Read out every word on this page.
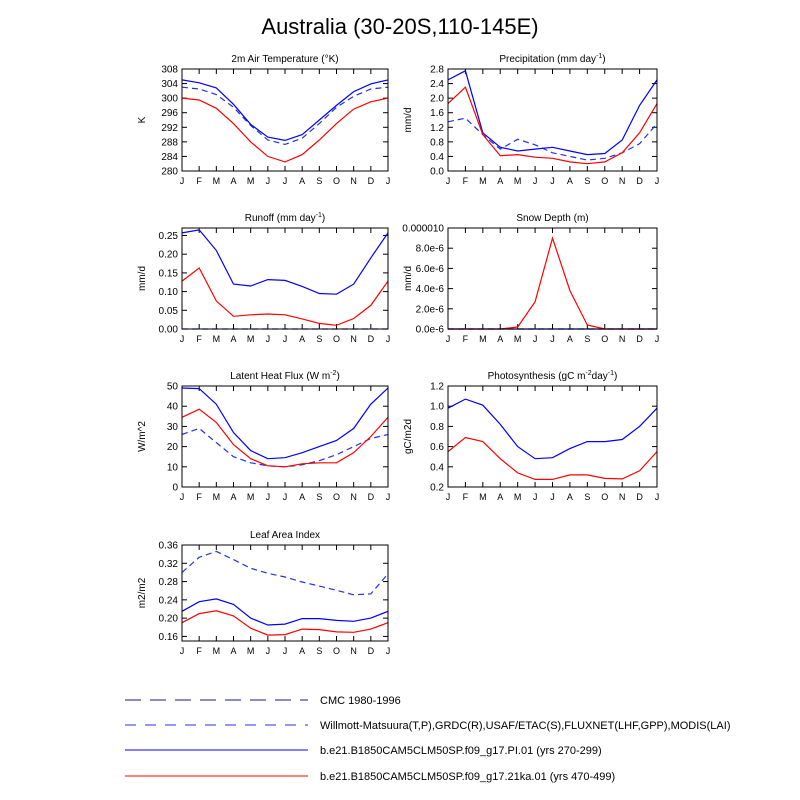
Australia (30-20S,110-145E)
2m Air Temperature (°K)
K
280
284
288
292
296
300
304
308
J F M A M J J A S O N D J
Precipitation (mm day$^{-1}$)
mm/d
0.0
0.4
0.8
1.2
1.6
2.0
2.4
2.8
J F M A M J J A S O N D J
Runoff (mm day$^{-1}$)
mm/d
0.00
0.05
0.10
0.15
0.20
0.25
J F M A M J J A S O N D J
Snow Depth (m)
mm/d
0.0e-6
2.0e-6
4.0e-6
6.0e-6
8.0e-6
0.000010
J F M A M J J A S O N D J
Latent Heat Flux (W $m^{-2}$)
W/m^2
0
10
20
30
40
50
J F M A M J J A S O N D J
Photosynthesis (gC $m^{-2}day^{-1}$)
gC/m2d
0.2
0.4
0.6
0.8
1.0
1.2
J F M A M J J A S O N D J
Leaf Area Index
m2/m2
0.16
0.20
0.24
0.28
0.32
0.36
J F M A M J J A S O N D J
CMC 1980-1996
Willmott-Matsuura(T,P),GRDC(R),USAF/ETAC(S),FLUXNET(LHF,GPP),MODIS(LAI)
b.e21.B1850CAM5CLM50SP.f09_g17.PI.01 (yrs 270-299)
b.e21.B1850CAM5CLM50SP.f09_g17.21ka.01 (yrs 470-499)
